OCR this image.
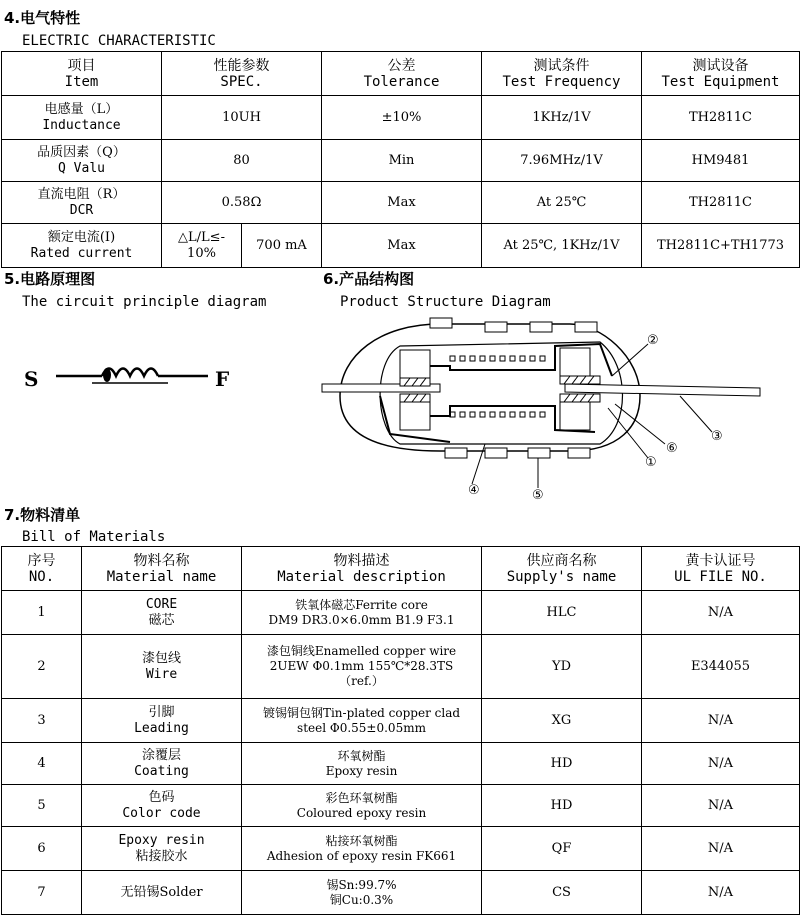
4.电气特性
ELECTRIC CHARACTERISTIC
项目
Item	性能参数
SPEC.		公差
Tolerance	测试条件
Test Frequency	测试设备
Test Equipment

电感量（L）
Inductance	10UH		±10%	1KHz/1V	TH2811C

品质因素（Q）
Q Valu	80		Min	7.96MHz/1V	HM9481

直流电阻（R）
DCR	0.58Ω		Max	At 25℃	TH2811C

额定电流(I)
Rated current	△L/L≤-
10%	700 mA	Max	At 25℃, 1KHz/1V	TH2811C+TH1773
5.电路原理图
The circuit principle diagram
S	F
6.产品结构图
Product Structure Diagram
②
⑥
③
①
④	⑤
7.物料清单
Bill of Materials
序号
NO.	物料名称
Material name	物料描述
Material description	供应商名称
Supply's name	黄卡认证号
UL FILE NO.

1	CORE
磁芯	铁氧体磁芯Ferrite core
DM9 DR3.0×6.0mm B1.9 F3.1	HLC	N/A
2	漆包线
Wire	漆包铜线Enamelled copper wire
2UEW Φ0.1mm 155℃*28.3TS
（ref.）	YD	E344055
3	引脚
Leading	镀锡铜包钢Tin-plated copper clad
steel Φ0.55±0.05mm	XG	N/A
4	涂覆层
Coating	环氧树酯
Epoxy resin	HD	N/A
5	色码
Color code	彩色环氧树酯
Coloured epoxy resin	HD	N/A
6	Epoxy resin
粘接胶水	粘接环氧树酯
Adhesion of epoxy resin FK661	QF	N/A
7	无铅锡Solder	锡Sn:99.7%
铜Cu:0.3%	CS	N/A
